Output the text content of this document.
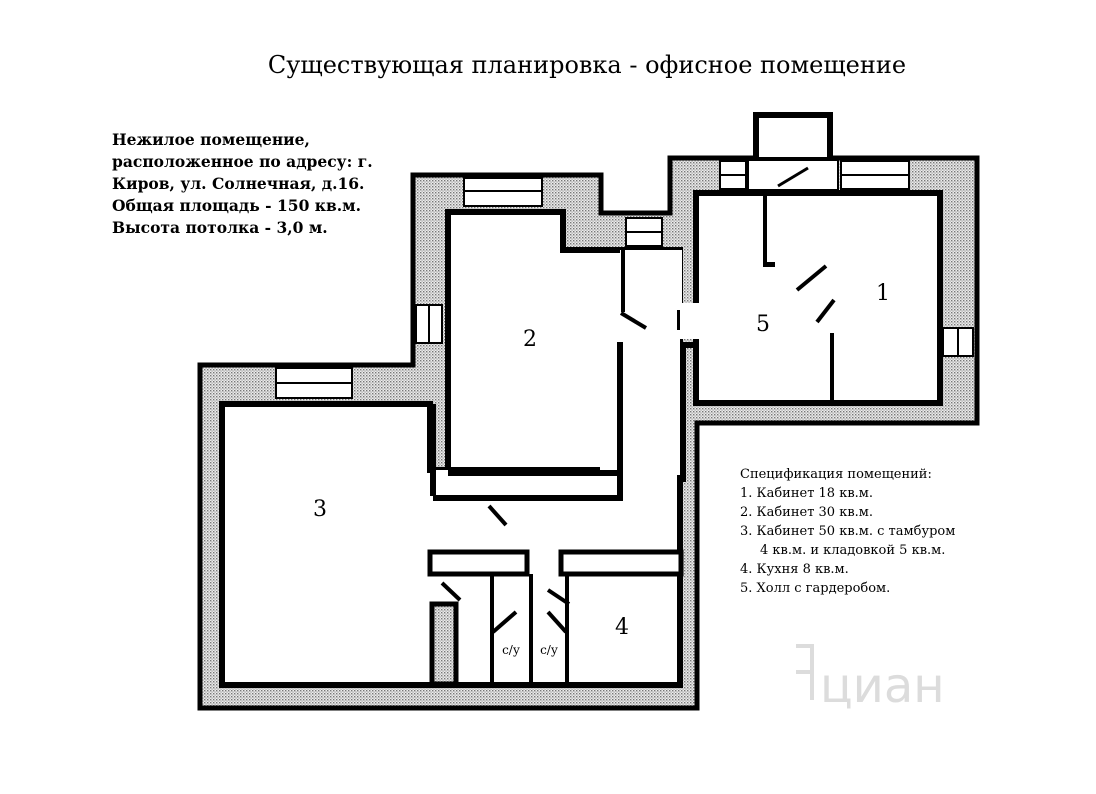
Существующая планировка - офисное помещение
Нежилое помещение,
расположенное по адресу: г.
Киров, ул. Солнечная, д.16.
Общая площадь - 150 кв.м.
Высота потолка - 3,0 м.
1
2
3
4
5
с/у с/у
Спецификация помещений:
1. Кабинет 18 кв.м.
2. Кабинет 30 кв.м.
3. Кабинет 50 кв.м. с тамбуром
4 кв.м. и кладовкой 5 кв.м.
4. Кухня 8 кв.м.
5. Холл с гардеробом.
циан
